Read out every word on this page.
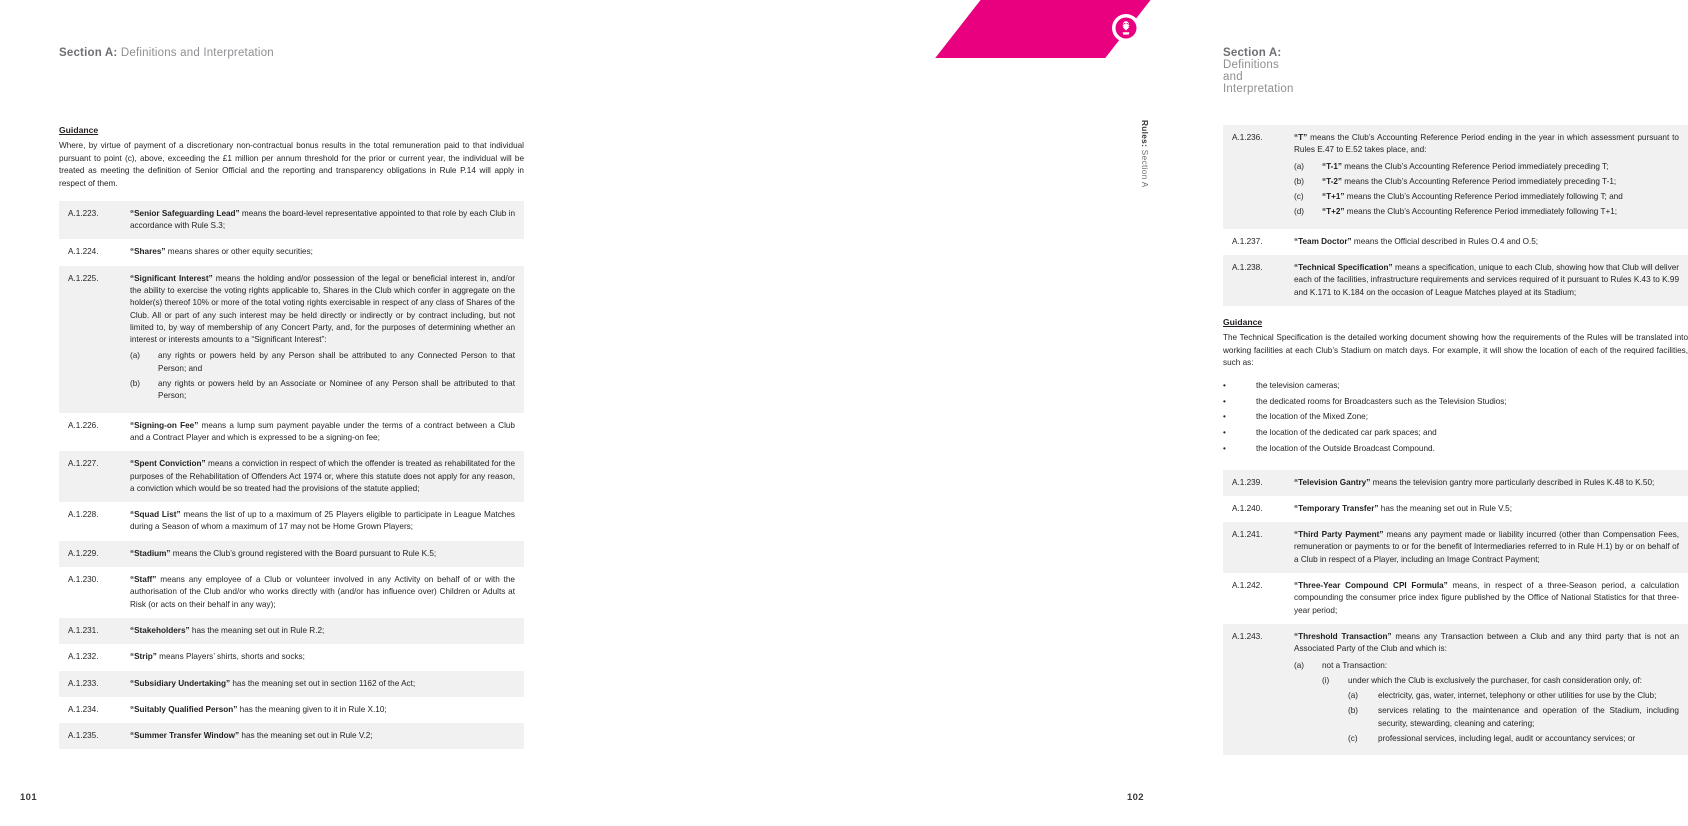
Section A: Definitions and Interpretation
Guidance
Where, by virtue of payment of a discretionary non-contractual bonus results in the total remuneration paid to that individual pursuant to point (c), above, exceeding the £1 million per annum threshold for the prior or current year, the individual will be treated as meeting the definition of Senior Official and the reporting and transparency obligations in Rule P.14 will apply in respect of them.
A.1.223.	“Senior Safeguarding Lead” means the board-level representative appointed to that role by each Club in accordance with Rule S.3;
A.1.224.	“Shares” means shares or other equity securities;
A.1.225.	“Significant Interest” means the holding and/or possession of the legal or beneficial interest in, and/or the ability to exercise the voting rights applicable to, Shares in the Club which confer in aggregate on the holder(s) thereof 10% or more of the total voting rights exercisable in respect of any class of Shares of the Club. All or part of any such interest may be held directly or indirectly or by contract including, but not limited to, by way of membership of any Concert Party, and, for the purposes of determining whether an interest or interests amounts to a “Significant Interest”:
(a) any rights or powers held by any Person shall be attributed to any Connected Person to that Person; and
(b) any rights or powers held by an Associate or Nominee of any Person shall be attributed to that Person;

A.1.226.	“Signing-on Fee” means a lump sum payment payable under the terms of a contract between a Club and a Contract Player and which is expressed to be a signing-on fee;
A.1.227.	“Spent Conviction” means a conviction in respect of which the offender is treated as rehabilitated for the purposes of the Rehabilitation of Offenders Act 1974 or, where this statute does not apply for any reason, a conviction which would be so treated had the provisions of the statute applied;
A.1.228.	“Squad List” means the list of up to a maximum of 25 Players eligible to participate in League Matches during a Season of whom a maximum of 17 may not be Home Grown Players;
A.1.229.	“Stadium” means the Club’s ground registered with the Board pursuant to Rule K.5;
A.1.230.	“Staff” means any employee of a Club or volunteer involved in any Activity on behalf of or with the authorisation of the Club and/or who works directly with (and/or has influence over) Children or Adults at Risk (or acts on their behalf in any way);
A.1.231.	“Stakeholders” has the meaning set out in Rule R.2;
A.1.232.	“Strip” means Players’ shirts, shorts and socks;
A.1.233.	“Subsidiary Undertaking” has the meaning set out in section 1162 of the Act;
A.1.234.	“Suitably Qualified Person” has the meaning given to it in Rule X.10;
A.1.235.	“Summer Transfer Window” has the meaning set out in Rule V.2;
101
Section A: Definitions and Interpretation
Rules: Section A
A.1.236.	“T” means the Club’s Accounting Reference Period ending in the year in which assessment pursuant to Rules E.47 to E.52 takes place, and:
(a) “T-1” means the Club’s Accounting Reference Period immediately preceding T;
(b) “T-2” means the Club’s Accounting Reference Period immediately preceding T-1;
(c) “T+1” means the Club’s Accounting Reference Period immediately following T; and
(d) “T+2” means the Club’s Accounting Reference Period immediately following T+1;

A.1.237.	“Team Doctor” means the Official described in Rules O.4 and O.5;
A.1.238.	“Technical Specification” means a specification, unique to each Club, showing how that Club will deliver each of the facilities, infrastructure requirements and services required of it pursuant to Rules K.43 to K.99 and K.171 to K.184 on the occasion of League Matches played at its Stadium;
Guidance
The Technical Specification is the detailed working document showing how the requirements of the Rules will be translated into working facilities at each Club’s Stadium on match days. For example, it will show the location of each of the required facilities, such as:
• the television cameras;
• the dedicated rooms for Broadcasters such as the Television Studios;
• the location of the Mixed Zone;
• the location of the dedicated car park spaces; and
• the location of the Outside Broadcast Compound.
A.1.239.	“Television Gantry” means the television gantry more particularly described in Rules K.48 to K.50;
A.1.240.	“Temporary Transfer” has the meaning set out in Rule V.5;
A.1.241.	“Third Party Payment” means any payment made or liability incurred (other than Compensation Fees, remuneration or payments to or for the benefit of Intermediaries referred to in Rule H.1) by or on behalf of a Club in respect of a Player, including an Image Contract Payment;
A.1.242.	“Three-Year Compound CPI Formula” means, in respect of a three-Season period, a calculation compounding the consumer price index figure published by the Office of National Statistics for that three-year period;
A.1.243.	“Threshold Transaction” means any Transaction between a Club and any third party that is not an Associated Party of the Club and which is:
(a) not a Transaction:
(i) under which the Club is exclusively the purchaser, for cash consideration only, of:
(a) electricity, gas, water, internet, telephony or other utilities for use by the Club;
(b) services relating to the maintenance and operation of the Stadium, including security, stewarding, cleaning and catering;
(c) professional services, including legal, audit or accountancy services; or
102
